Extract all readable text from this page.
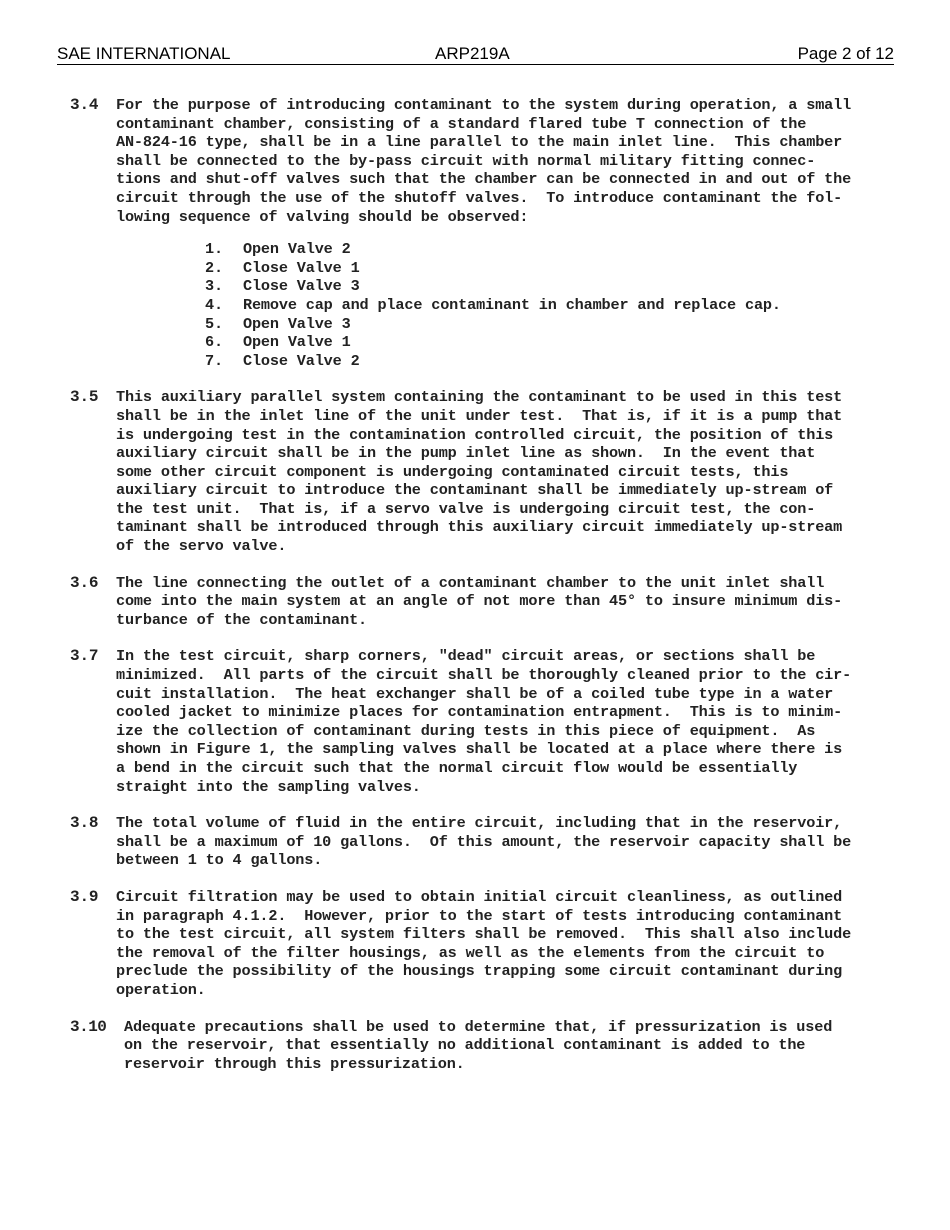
SAE INTERNATIONAL	ARP219A	Page 2 of 12
3.4 For the purpose of introducing contaminant to the system during operation, a small
contaminant chamber, consisting of a standard flared tube T connection of the
AN-824-16 type, shall be in a line parallel to the main inlet line.  This chamber
shall be connected to the by-pass circuit with normal military fitting connec-
tions and shut-off valves such that the chamber can be connected in and out of the
circuit through the use of the shutoff valves.  To introduce contaminant the fol-
lowing sequence of valving should be observed:
1. Open Valve 2
2. Close Valve 1
3. Close Valve 3
4. Remove cap and place contaminant in chamber and replace cap.
5. Open Valve 3
6. Open Valve 1
7. Close Valve 2
3.5 This auxiliary parallel system containing the contaminant to be used in this test
shall be in the inlet line of the unit under test.  That is, if it is a pump that
is undergoing test in the contamination controlled circuit, the position of this
auxiliary circuit shall be in the pump inlet line as shown.  In the event that
some other circuit component is undergoing contaminated circuit tests, this
auxiliary circuit to introduce the contaminant shall be immediately up-stream of
the test unit.  That is, if a servo valve is undergoing circuit test, the con-
taminant shall be introduced through this auxiliary circuit immediately up-stream
of the servo valve.
3.6 The line connecting the outlet of a contaminant chamber to the unit inlet shall
come into the main system at an angle of not more than 45° to insure minimum dis-
turbance of the contaminant.
3.7 In the test circuit, sharp corners, "dead" circuit areas, or sections shall be
minimized.  All parts of the circuit shall be thoroughly cleaned prior to the cir-
cuit installation.  The heat exchanger shall be of a coiled tube type in a water
cooled jacket to minimize places for contamination entrapment.  This is to minim-
ize the collection of contaminant during tests in this piece of equipment.  As
shown in Figure 1, the sampling valves shall be located at a place where there is
a bend in the circuit such that the normal circuit flow would be essentially
straight into the sampling valves.
3.8 The total volume of fluid in the entire circuit, including that in the reservoir,
shall be a maximum of 10 gallons.  Of this amount, the reservoir capacity shall be
between 1 to 4 gallons.
3.9 Circuit filtration may be used to obtain initial circuit cleanliness, as outlined
in paragraph 4.1.2.  However, prior to the start of tests introducing contaminant
to the test circuit, all system filters shall be removed.  This shall also include
the removal of the filter housings, as well as the elements from the circuit to
preclude the possibility of the housings trapping some circuit contaminant during
operation.
3.10 Adequate precautions shall be used to determine that, if pressurization is used
on the reservoir, that essentially no additional contaminant is added to the
reservoir through this pressurization.
